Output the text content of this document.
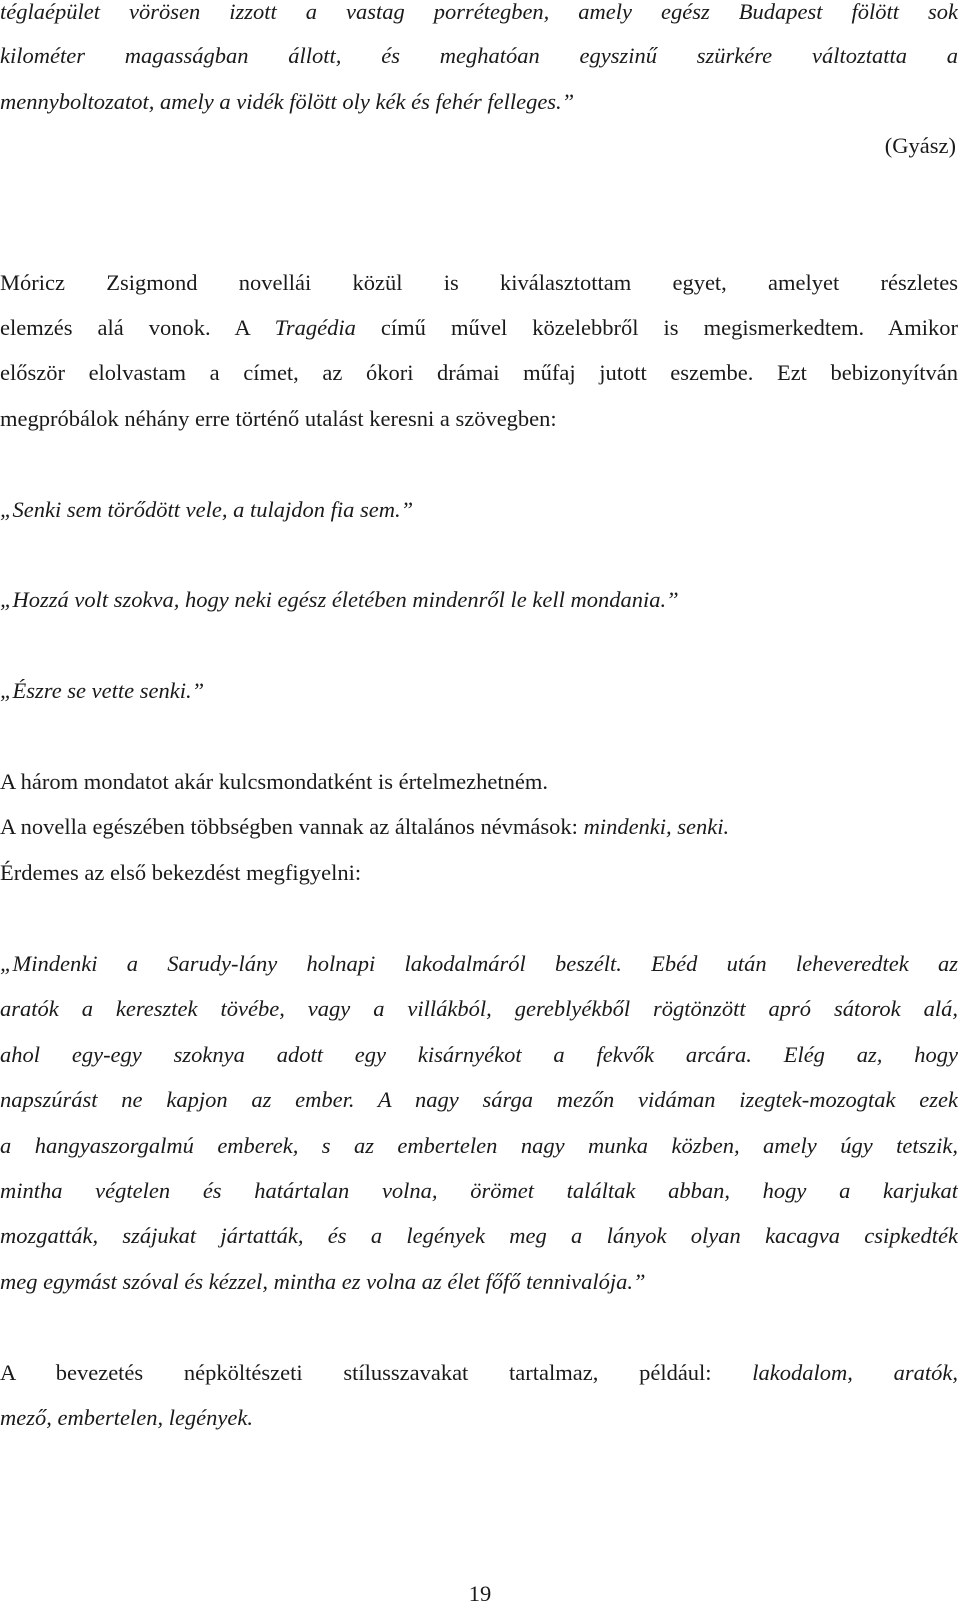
téglaépület vörösen izzott a vastag porrétegben, amely egész Budapest fölött sok
kilométer magasságban állott, és meghatóan egyszinű szürkére változtatta a
mennyboltozatot, amely a vidék fölött oly kék és fehér felleges.”
(Gyász)
Móricz Zsigmond novellái közül is kiválasztottam egyet, amelyet részletes
elemzés alá vonok. A Tragédia című művel közelebbről is megismerkedtem. Amikor
először elolvastam a címet, az ókori drámai műfaj jutott eszembe. Ezt bebizonyítván
megpróbálok néhány erre történő utalást keresni a szövegben:
„Senki sem törődött vele, a tulajdon fia sem.”
„Hozzá volt szokva, hogy neki egész életében mindenről le kell mondania.”
„Észre se vette senki.”
A három mondatot akár kulcsmondatként is értelmezhetném.
A novella egészében többségben vannak az általános névmások: mindenki, senki.
Érdemes az első bekezdést megfigyelni:
„Mindenki a Sarudy-lány holnapi lakodalmáról beszélt. Ebéd után leheveredtek az
aratók a keresztek tövébe, vagy a villákból, gereblyékből rögtönzött apró sátorok alá,
ahol egy-egy szoknya adott egy kisárnyékot a fekvők arcára. Elég az, hogy
napszúrást ne kapjon az ember. A nagy sárga mezőn vidáman izegtek-mozogtak ezek
a hangyaszorgalmú emberek, s az embertelen nagy munka közben, amely úgy tetszik,
mintha végtelen és határtalan volna, örömet találtak abban, hogy a karjukat
mozgatták, szájukat jártatták, és a legények meg a lányok olyan kacagva csipkedték
meg egymást szóval és kézzel, mintha ez volna az élet főfő tennivalója.”
A bevezetés népköltészeti stílusszavakat tartalmaz, például: lakodalom, aratók,
mező, embertelen, legények.
19
